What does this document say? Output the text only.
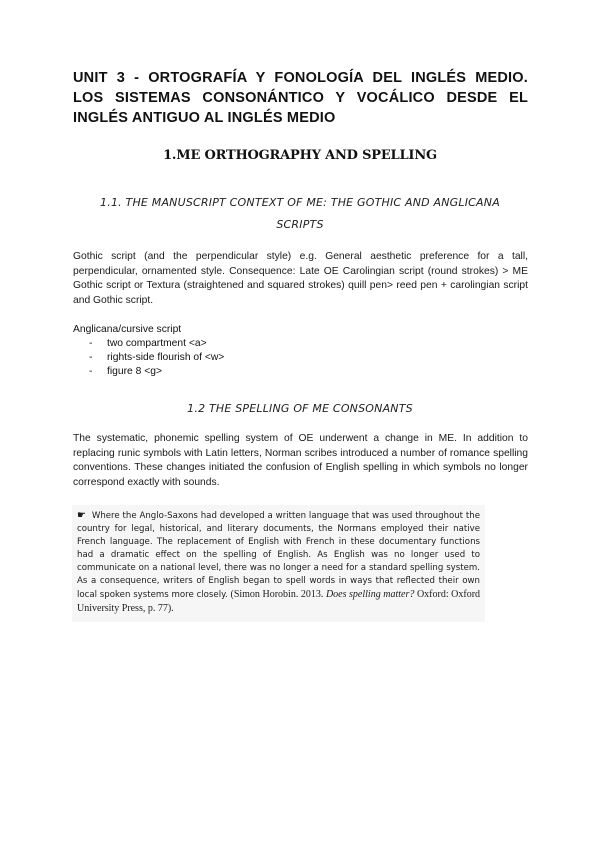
UNIT 3 - ORTOGRAFÍA Y FONOLOGÍA DEL INGLÉS MEDIO.
LOS SISTEMAS CONSONÁNTICO Y VOCÁLICO DESDE EL
INGLÉS ANTIGUO AL INGLÉS MEDIO
1.ME ORTHOGRAPHY AND SPELLING
1.1. THE MANUSCRIPT CONTEXT OF ME: THE GOTHIC AND ANGLICANA
SCRIPTS
Gothic script (and the perpendicular style) e.g. General aesthetic preference for a tall, perpendicular, ornamented style. Consequence: Late OE Carolingian script (round strokes) > ME Gothic script or Textura (straightened and squared strokes) quill pen> reed pen + carolingian script and Gothic script.
Anglicana/cursive script
- two compartment <a>
- rights-side flourish of <w>
- figure 8 <g>
1.2 THE SPELLING OF ME CONSONANTS
The systematic, phonemic spelling system of OE underwent a change in ME. In addition to replacing runic symbols with Latin letters, Norman scribes introduced a number of romance spelling conventions. These changes initiated the confusion of English spelling in which symbols no longer correspond exactly with sounds.
☛ Where the Anglo-Saxons had developed a written language that was used throughout the country for legal, historical, and literary documents, the Normans employed their native French language. The replacement of English with French in these documentary functions had a dramatic effect on the spelling of English. As English was no longer used to communicate on a national level, there was no longer a need for a standard spelling system. As a consequence, writers of English began to spell words in ways that reflected their own local spoken systems more closely. (Simon Horobin. 2013. Does spelling matter? Oxford: Oxford University Press, p. 77).
